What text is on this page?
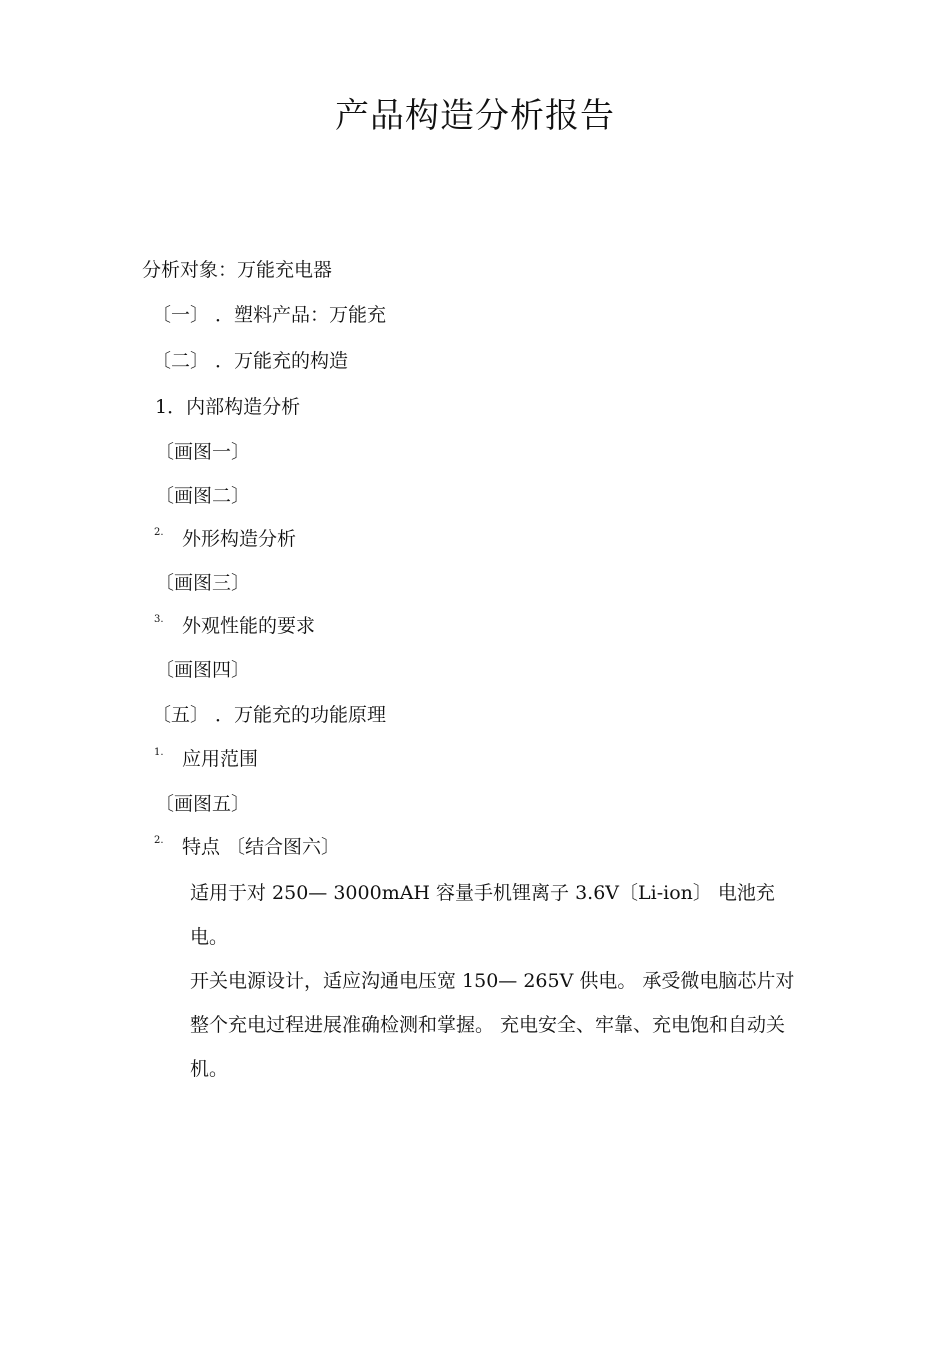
产品构造分析报告
分析对象：万能充电器
〔一〕 ．塑料产品：万能充
〔二〕 ．万能充的构造
1．内部构造分析
〔画图一〕
〔画图二〕
2. 外形构造分析
〔画图三〕
3. 外观性能的要求
〔画图四〕
〔五〕 ．万能充的功能原理
1. 应用范围
〔画图五〕
2. 特点 〔结合图六〕

适用于对 250— 3000mAH 容量手机锂离子 3.6V〔Li-ion〕 电池充电。

开关电源设计，适应沟通电压宽 150— 265V 供电。 承受微电脑芯片对整个充电过程进展准确检测和掌握。 充电安全、牢靠、充电饱和自动关机。
